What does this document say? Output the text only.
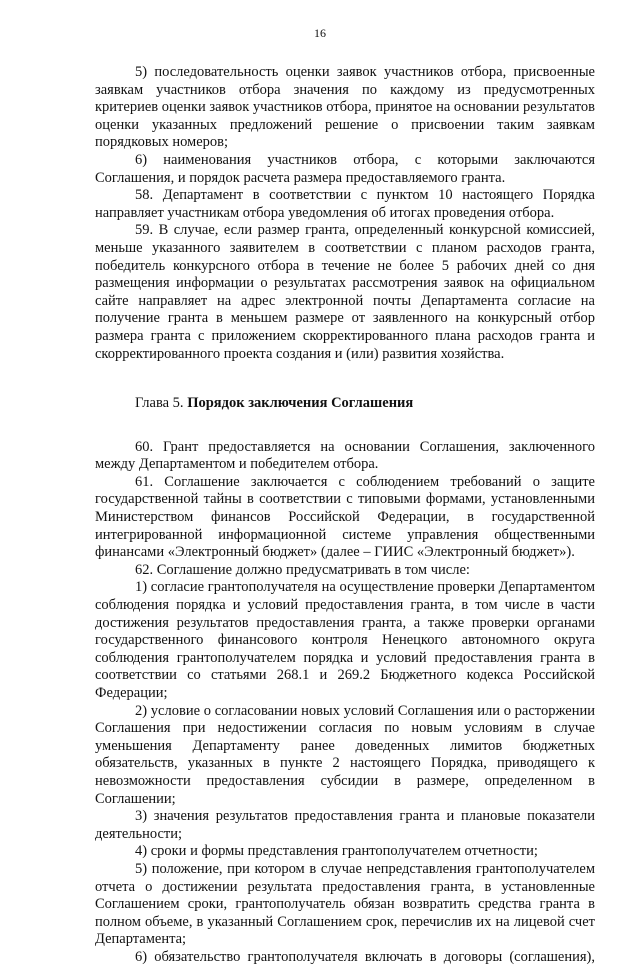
16

5) последовательность оценки заявок участников отбора, присвоенные заявкам участников отбора значения по каждому из предусмотренных критериев оценки заявок участников отбора, принятое на основании результатов оценки указанных предложений решение о присвоении таким заявкам порядковых номеров;

6) наименования участников отбора, с которыми заключаются Соглашения, и порядок расчета размера предоставляемого гранта.

58. Департамент в соответствии с пунктом 10 настоящего Порядка направляет участникам отбора уведомления об итогах проведения отбора.

59. В случае, если размер гранта, определенный конкурсной комиссией, меньше указанного заявителем в соответствии с планом расходов гранта, победитель конкурсного отбора в течение не более 5 рабочих дней со дня размещения информации о результатах рассмотрения заявок на официальном сайте направляет на адрес электронной почты Департамента согласие на получение гранта в меньшем размере от заявленного на конкурсный отбор размера гранта с приложением скорректированного плана расходов гранта и скорректированного проекта создания и (или) развития хозяйства.

Глава 5. Порядок заключения Соглашения

60. Грант предоставляется на основании Соглашения, заключенного между Департаментом и победителем отбора.

61. Соглашение заключается с соблюдением требований о защите государственной тайны в соответствии с типовыми формами, установленными Министерством финансов Российской Федерации, в государственной интегрированной информационной системе управления общественными финансами «Электронный бюджет» (далее – ГИИС «Электронный бюджет»).

62. Соглашение должно предусматривать в том числе:

1) согласие грантополучателя на осуществление проверки Департаментом соблюдения порядка и условий предоставления гранта, в том числе в части достижения результатов предоставления гранта, а также проверки органами государственного финансового контроля Ненецкого автономного округа соблюдения грантополучателем порядка и условий предоставления гранта в соответствии со статьями 268.1 и 269.2 Бюджетного кодекса Российской Федерации;

2) условие о согласовании новых условий Соглашения или о расторжении Соглашения при недостижении согласия по новым условиям в случае уменьшения Департаменту ранее доведенных лимитов бюджетных обязательств, указанных в пункте 2 настоящего Порядка, приводящего к невозможности предоставления субсидии в размере, определенном в Соглашении;

3) значения результатов предоставления гранта и плановые показатели деятельности;

4) сроки и формы представления грантополучателем отчетности;

5) положение, при котором в случае непредставления грантополучателем отчета о достижении результата предоставления гранта, в установленные Соглашением сроки, грантополучатель обязан возвратить средства гранта в полном объеме, в указанный Соглашением срок, перечислив их на лицевой счет Департамента;

6) обязательство грантополучателя включать в договоры (соглашения),
